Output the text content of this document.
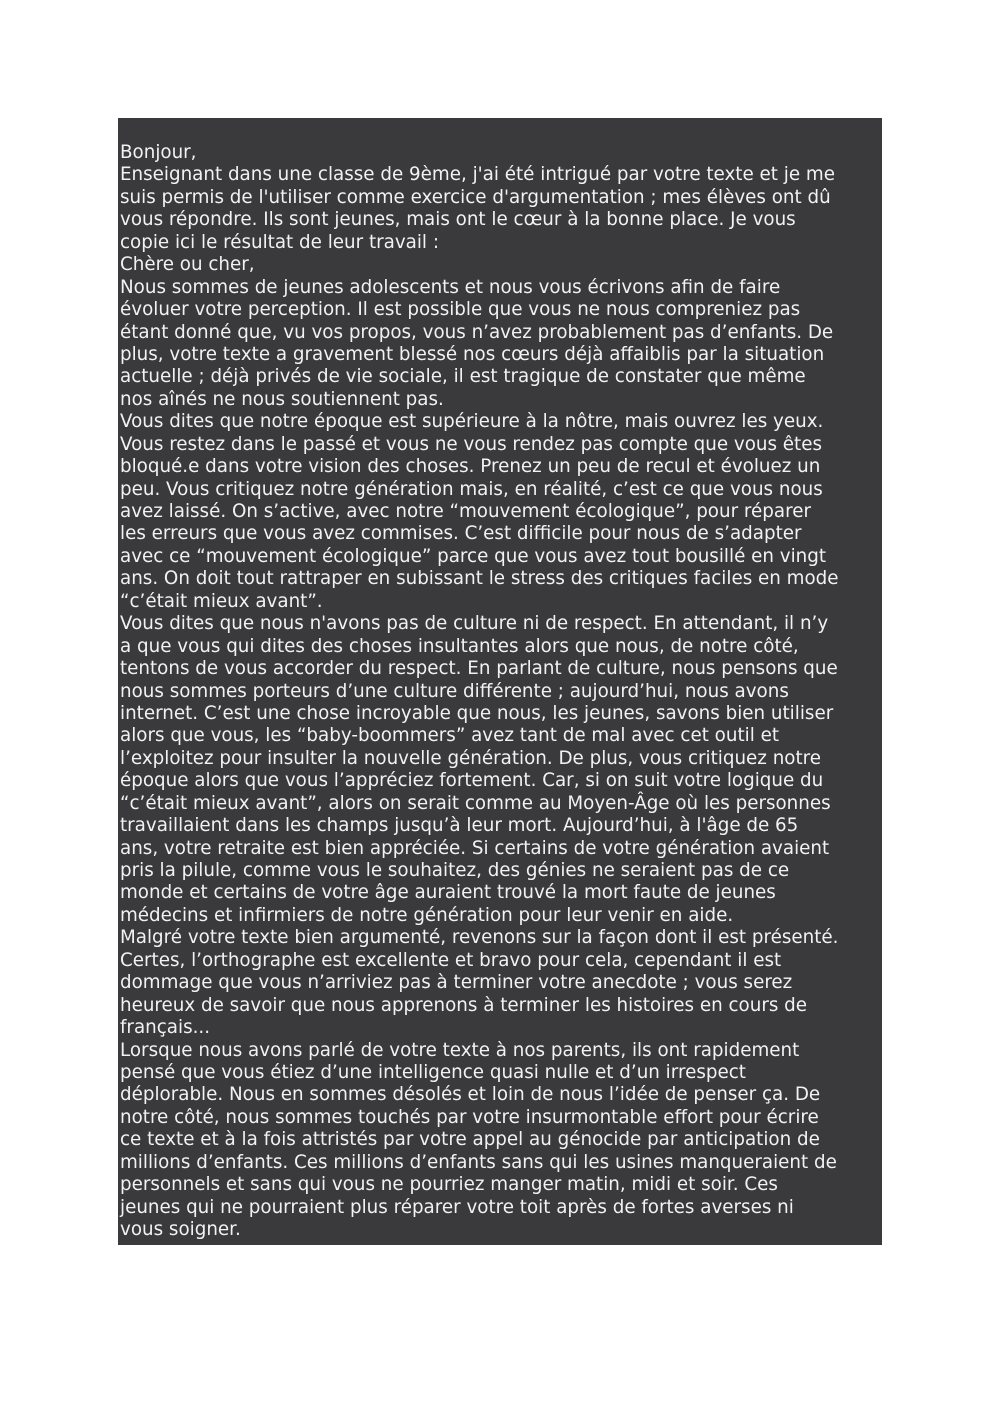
Bonjour,
Enseignant dans une classe de 9ème, j'ai été intrigué par votre texte et je me
suis permis de l'utiliser comme exercice d'argumentation ; mes élèves ont dû
vous répondre. Ils sont jeunes, mais ont le cœur à la bonne place. Je vous
copie ici le résultat de leur travail :
Chère ou cher,
Nous sommes de jeunes adolescents et nous vous écrivons afin de faire
évoluer votre perception. Il est possible que vous ne nous compreniez pas
étant donné que, vu vos propos, vous n’avez probablement pas d’enfants. De
plus, votre texte a gravement blessé nos cœurs déjà affaiblis par la situation
actuelle ; déjà privés de vie sociale, il est tragique de constater que même
nos aînés ne nous soutiennent pas.
Vous dites que notre époque est supérieure à la nôtre, mais ouvrez les yeux.
Vous restez dans le passé et vous ne vous rendez pas compte que vous êtes
bloqué.e dans votre vision des choses. Prenez un peu de recul et évoluez un
peu. Vous critiquez notre génération mais, en réalité, c’est ce que vous nous
avez laissé. On s’active, avec notre “mouvement écologique”, pour réparer
les erreurs que vous avez commises. C’est difficile pour nous de s’adapter
avec ce “mouvement écologique” parce que vous avez tout bousillé en vingt
ans. On doit tout rattraper en subissant le stress des critiques faciles en mode
“c’était mieux avant”.
Vous dites que nous n'avons pas de culture ni de respect. En attendant, il n’y
a que vous qui dites des choses insultantes alors que nous, de notre côté,
tentons de vous accorder du respect. En parlant de culture, nous pensons que
nous sommes porteurs d’une culture différente ; aujourd’hui, nous avons
internet. C’est une chose incroyable que nous, les jeunes, savons bien utiliser
alors que vous, les “baby-boommers” avez tant de mal avec cet outil et
l’exploitez pour insulter la nouvelle génération. De plus, vous critiquez notre
époque alors que vous l’appréciez fortement. Car, si on suit votre logique du
“c’était mieux avant”, alors on serait comme au Moyen-Âge où les personnes
travaillaient dans les champs jusqu’à leur mort. Aujourd’hui, à l'âge de 65
ans, votre retraite est bien appréciée. Si certains de votre génération avaient
pris la pilule, comme vous le souhaitez, des génies ne seraient pas de ce
monde et certains de votre âge auraient trouvé la mort faute de jeunes
médecins et infirmiers de notre génération pour leur venir en aide.
Malgré votre texte bien argumenté, revenons sur la façon dont il est présenté.
Certes, l’orthographe est excellente et bravo pour cela, cependant il est
dommage que vous n’arriviez pas à terminer votre anecdote ; vous serez
heureux de savoir que nous apprenons à terminer les histoires en cours de
français...
Lorsque nous avons parlé de votre texte à nos parents, ils ont rapidement
pensé que vous étiez d’une intelligence quasi nulle et d’un irrespect
déplorable. Nous en sommes désolés et loin de nous l’idée de penser ça. De
notre côté, nous sommes touchés par votre insurmontable effort pour écrire
ce texte et à la fois attristés par votre appel au génocide par anticipation de
millions d’enfants. Ces millions d’enfants sans qui les usines manqueraient de
personnels et sans qui vous ne pourriez manger matin, midi et soir. Ces
jeunes qui ne pourraient plus réparer votre toit après de fortes averses ni
vous soigner.
